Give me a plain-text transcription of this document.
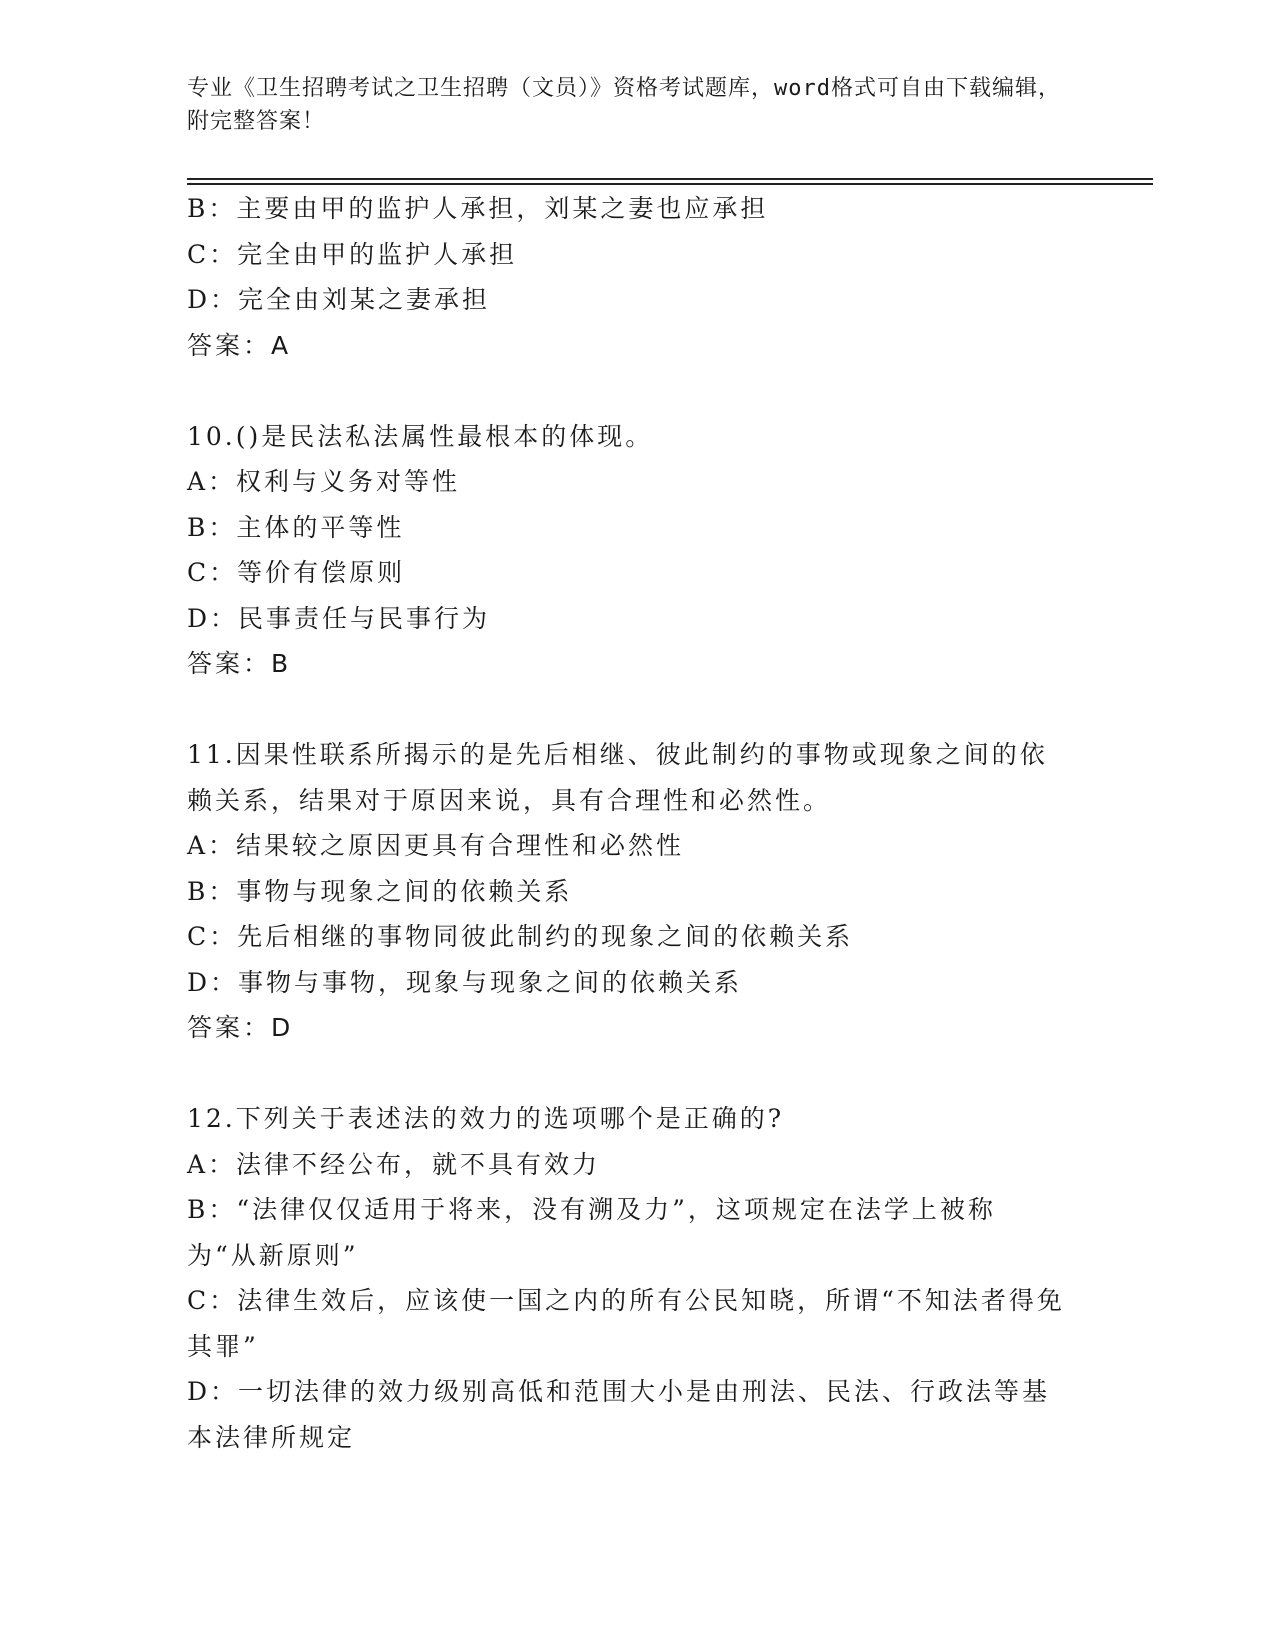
专业《卫生招聘考试之卫生招聘（文员）》资格考试题库，word格式可自由下载编辑，附完整答案！
B：主要由甲的监护人承担，刘某之妻也应承担
C：完全由甲的监护人承担
D：完全由刘某之妻承担
答案：A
10.()是民法私法属性最根本的体现。
A：权利与义务对等性
B：主体的平等性
C：等价有偿原则
D：民事责任与民事行为
答案：B
11.因果性联系所揭示的是先后相继、彼此制约的事物或现象之间的依赖关系，结果对于原因来说，具有合理性和必然性。
A：结果较之原因更具有合理性和必然性
B：事物与现象之间的依赖关系
C：先后相继的事物同彼此制约的现象之间的依赖关系
D：事物与事物，现象与现象之间的依赖关系
答案：D
12.下列关于表述法的效力的选项哪个是正确的?
A：法律不经公布，就不具有效力
B：“法律仅仅适用于将来，没有溯及力”，这项规定在法学上被称为“从新原则”
C：法律生效后，应该使一国之内的所有公民知晓，所谓“不知法者得免其罪”
D：一切法律的效力级别高低和范围大小是由刑法、民法、行政法等基本法律所规定
